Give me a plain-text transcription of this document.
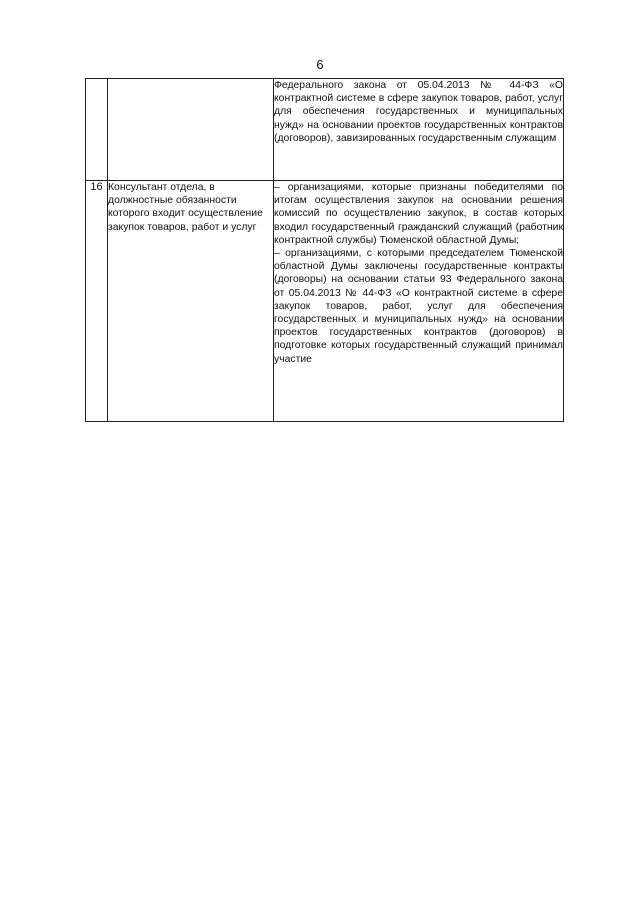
6

		Федерального закона от 05.04.2013 № 44-ФЗ «О контрактной системе в сфере закупок товаров, работ, услуг для обеспечения государственных и муниципальных нужд» на основании проектов государственных контрактов (договоров), завизированных государственным служащим

16	Консультант отдела, в должностные обязанности которого входит осуществление закупок товаров, работ и услуг	– организациями, которые признаны победителями по итогам осуществления закупок на основании решения комиссий по осуществлению закупок, в состав которых входил государственный гражданский служащий (работник контрактной службы) Тюменской областной Думы;

– организациями, с которыми председателем Тюменской областной Думы заключены государственные контракты (договоры) на основании статьи 93 Федерального закона от 05.04.2013 № 44-ФЗ «О контрактной системе в сфере закупок товаров, работ, услуг для обеспечения государственных и муниципальных нужд» на основании проектов государственных контрактов (договоров) в подготовке которых государственный служащий принимал участие
